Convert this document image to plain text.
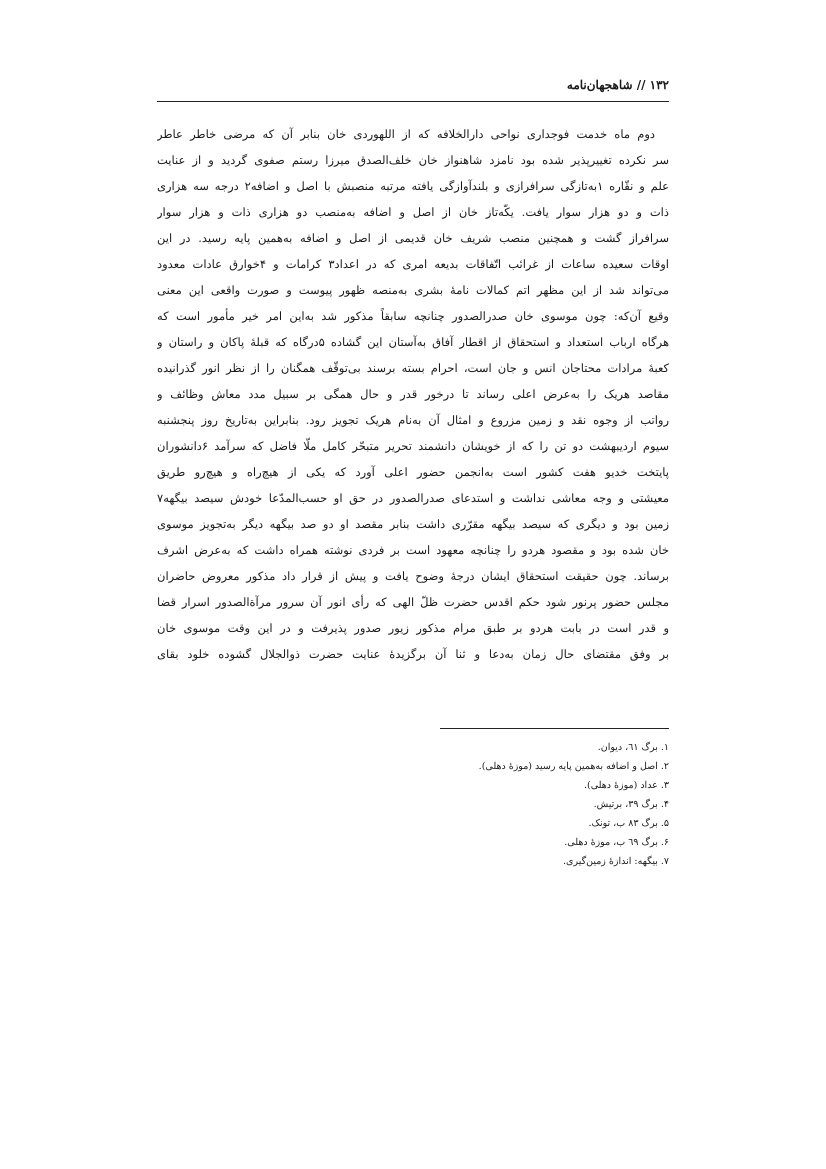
۱۳۲ // شاهجهان‌نامه
دوم ماه خدمت فوجداری نواحی دارالخلافه که از اللهوردی خان بنابر آن که مرضی خاطر عاطر
سر نکرده تغییرپذیر شده بود نامزد شاهنواز خان خلف‌الصدق میرزا رستم صفوی گردید و از عنایت
علم و نقّاره ۱به‌تازگی سرافرازی و بلندآوازگی یافته مرتبه منصبش با اصل و اضافه۲ درجه سه هزاری
ذات و دو هزار سوار یافت. یکّه‌تاز خان از اصل و اضافه به‌منصب دو هزاری ذات و هزار سوار
سرافراز گشت و همچنین منصب شریف خان قدیمی از اصل و اضافه به‌همین پایه رسید. در این
اوقات سعیده ساعات از غرائب اتّفاقات بدیعه امری که در اعداد۳ کرامات و ۴خوارق عادات معدود
می‌تواند شد از این مظهر اتم کمالات نامهٔ بشری به‌منصه ظهور پیوست و صورت واقعی این معنی
وقیع آن‌که: چون موسوی خان صدرالصدور چنانچه سابقاً مذکور شد به‌این امر خیر مأمور است که
هرگاه ارباب استعداد و استحقاق از اقطار آفاق به‌آستان این گشاده ۵درگاه که قبلهٔ پاکان و راستان و
کعبهٔ مرادات محتاجان انس و جان است، احرام بسته برسند بی‌توقّف همگنان را از نظر انور گذرانیده
مقاصد هریک را به‌عرض اعلی رساند تا درخور قدر و حال همگی بر سبیل مدد معاش وظائف و
رواتب از وجوه نقد و زمین مزروع و امثال آن به‌نام هریک تجویز رود. بنابراین به‌تاریخ روز پنجشنبه
سیوم اردیبهشت دو تن را که از خویشان دانشمند تحریر متبحّر کامل ملّا فاضل که سرآمد ۶دانشوران
پایتخت خدیو هفت کشور است به‌انجمن حضور اعلی آورد که یکی از هیچ‌راه و هیچ‌رو طریق
معیشتی و وجه معاشی نداشت و استدعای صدرالصدور در حق او حسب‌المدّعا خودش سیصد بیگهه۷
زمین بود و دیگری که سیصد بیگهه مقرّری داشت بنابر مقصد او دو صد بیگهه دیگر به‌تجویز موسوی
خان شده بود و مقصود هردو را چنانچه معهود است بر فردی نوشته همراه داشت که به‌عرض اشرف
برساند. چون حقیقت استحقاق ایشان درجهٔ وضوح یافت و پیش از قرار داد مذکور معروض حاضران
مجلس حضور پرنور شود حکم اقدس حضرت ظلّ الهی که رأی انور آن سرور مرآةالصدور اسرار قضا
و قدر است در بابت هردو بر طبق مرام مذکور زیور صدور پذیرفت و در این وقت موسوی خان
بر وفق مقتضای حال زمان به‌دعا و ثنا آن برگزیدهٔ عنایت حضرت ذوالجلال گشوده خلود بقای
۱. برگ ٦۱، دیوان.
۲. اصل و اضافه به‌همین پایه رسید (موزهٔ دهلی).
۳. عداد (موزهٔ دهلی).
۴. برگ ٣٩، برتیش.
۵. برگ ٨٣ ب، تونک.
۶. برگ ٦٩ ب، موزهٔ دهلی.
۷. بیگهه: اندازهٔ زمین‌گیری.
